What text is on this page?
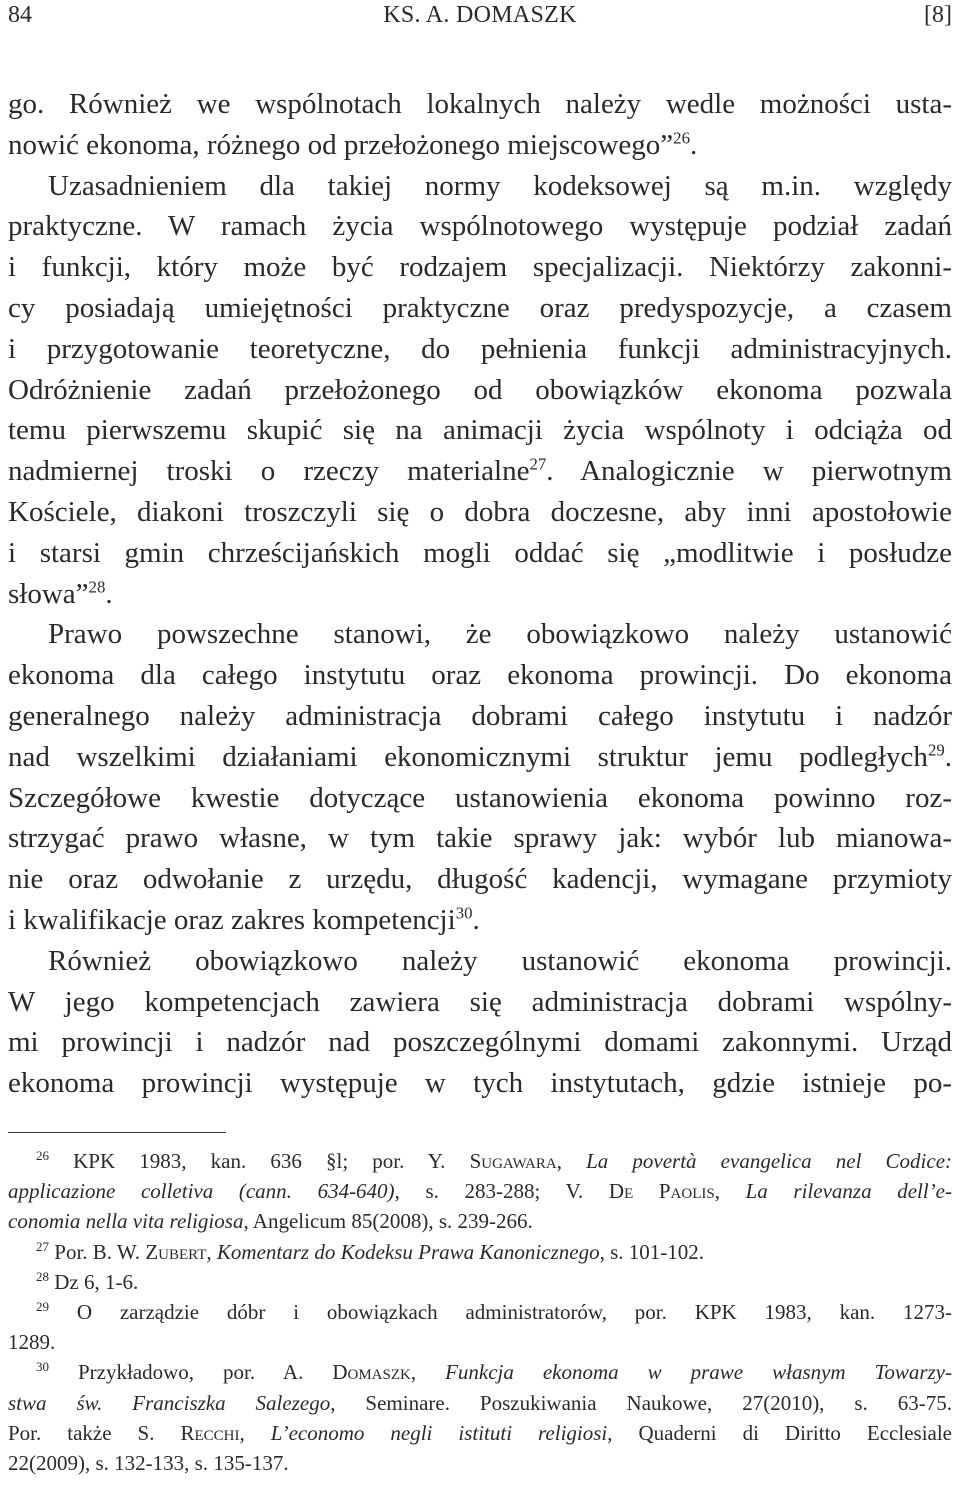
84	KS. A. DOMASZK	[8]
go. Również we wspólnotach lokalnych należy wedle możności usta-
nowić ekonoma, różnego od przełożonego miejscowego”$^{26}$.
Uzasadnieniem dla takiej normy kodeksowej są m.in. względy
praktyczne. W ramach życia wspólnotowego występuje podział zadań
i funkcji, który może być rodzajem specjalizacji. Niektórzy zakonni-
cy posiadają umiejętności praktyczne oraz predyspozycje, a czasem
i przygotowanie teoretyczne, do pełnienia funkcji administracyjnych.
Odróżnienie zadań przełożonego od obowiązków ekonoma pozwala
temu pierwszemu skupić się na animacji życia wspólnoty i odciąża od
nadmiernej troski o rzeczy materialne$^{27}$. Analogicznie w pierwotnym
Kościele, diakoni troszczyli się o dobra doczesne, aby inni apostołowie
i starsi gmin chrześcijańskich mogli oddać się „modlitwie i posłudze
słowa”$^{28}$.
Prawo powszechne stanowi, że obowiązkowo należy ustanowić
ekonoma dla całego instytutu oraz ekonoma prowincji. Do ekonoma
generalnego należy administracja dobrami całego instytutu i nadzór
nad wszelkimi działaniami ekonomicznymi struktur jemu podległych$^{29}$.
Szczegółowe kwestie dotyczące ustanowienia ekonoma powinno roz-
strzygać prawo własne, w tym takie sprawy jak: wybór lub mianowa-
nie oraz odwołanie z urzędu, długość kadencji, wymagane przymioty
i kwalifikacje oraz zakres kompetencji$^{30}$.
Również obowiązkowo należy ustanowić ekonoma prowincji.
W jego kompetencjach zawiera się administracja dobrami wspólny-
mi prowincji i nadzór nad poszczególnymi domami zakonnymi. Urząd
ekonoma prowincji występuje w tych instytutach, gdzie istnieje po-
$^{26}$ KPK 1983, kan. 636 §l; por. Y. Sugawara, La povertà evangelica nel Codice:
applicazione colletiva (cann. 634-640), s. 283-288; V. De Paolis, La rilevanza dell’e-
conomia nella vita religiosa, Angelicum 85(2008), s. 239-266.
$^{27}$ Por. B. W. Zubert, Komentarz do Kodeksu Prawa Kanonicznego, s. 101-102.
$^{28}$ Dz 6, 1-6.
$^{29}$ O zarządzie dóbr i obowiązkach administratorów, por. KPK 1983, kan. 1273-
1289.
$^{30}$ Przykładowo, por. A. Domaszk, Funkcja ekonoma w prawe własnym Towarzy-
stwa św. Franciszka Salezego, Seminare. Poszukiwania Naukowe, 27(2010), s. 63-75.
Por. także S. Recchi, L’economo negli istituti religiosi, Quaderni di Diritto Ecclesiale
22(2009), s. 132-133, s. 135-137.
